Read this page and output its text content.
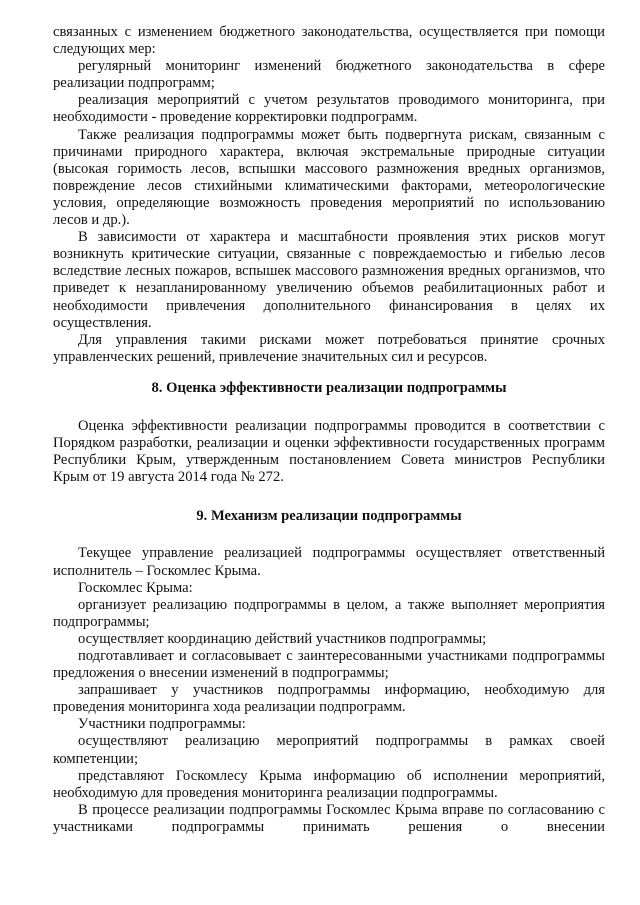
связанных с изменением бюджетного законодательства, осуществляется при помощи следующих мер:

регулярный мониторинг изменений бюджетного законодательства в сфере реализации подпрограмм;

реализация мероприятий с учетом результатов проводимого мониторинга, при необходимости - проведение корректировки подпрограмм.

Также реализация подпрограммы может быть подвергнута рискам, связанным с причинами природного характера, включая экстремальные природные ситуации (высокая горимость лесов, вспышки массового размножения вредных организмов, повреждение лесов стихийными климатическими факторами, метеорологические условия, определяющие возможность проведения мероприятий по использованию лесов и др.).

В зависимости от характера и масштабности проявления этих рисков могут возникнуть критические ситуации, связанные с повреждаемостью и гибелью лесов вследствие лесных пожаров, вспышек массового размножения вредных организмов, что приведет к незапланированному увеличению объемов реабилитационных работ и необходимости привлечения дополнительного финансирования в целях их осуществления.

Для управления такими рисками может потребоваться принятие срочных управленческих решений, привлечение значительных сил и ресурсов.

8. Оценка эффективности реализации подпрограммы

Оценка эффективности реализации подпрограммы проводится в соответствии с Порядком разработки, реализации и оценки эффективности государственных программ Республики Крым, утвержденным постановлением Совета министров Республики Крым от 19 августа 2014 года № 272.

9. Механизм реализации подпрограммы

Текущее управление реализацией подпрограммы осуществляет ответственный исполнитель – Госкомлес Крыма.

Госкомлес Крыма:

организует реализацию подпрограммы в целом, а также выполняет мероприятия подпрограммы;

осуществляет координацию действий участников подпрограммы;

подготавливает и согласовывает с заинтересованными участниками подпрограммы предложения о внесении изменений в подпрограммы;

запрашивает у участников подпрограммы информацию, необходимую для проведения мониторинга хода реализации подпрограмм.

Участники подпрограммы:

осуществляют реализацию мероприятий подпрограммы в рамках своей компетенции;

представляют Госкомлесу Крыма информацию об исполнении мероприятий, необходимую для проведения мониторинга реализации подпрограммы.

В процессе реализации подпрограммы Госкомлес Крыма вправе по согласованию с участниками подпрограммы принимать решения о внесении
